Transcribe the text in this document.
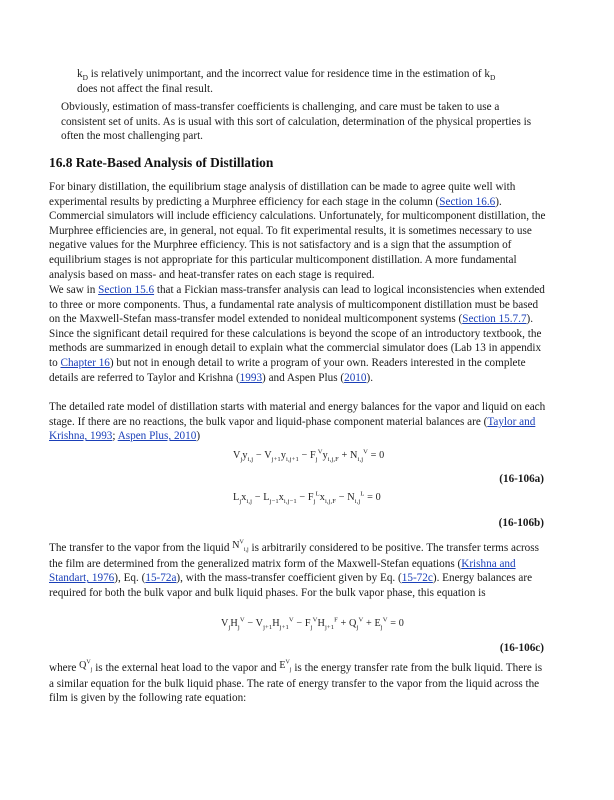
$k_D$ is relatively unimportant, and the incorrect value for residence time in the estimation of $k_D$
does not affect the final result.

Obviously, estimation of mass-transfer coefficients is challenging, and care must be taken to use a consistent set of units. As is usual with this sort of calculation, determination of the physical properties is often the most challenging part.

16.8 Rate-Based Analysis of Distillation

For binary distillation, the equilibrium stage analysis of distillation can be made to agree quite well with experimental results by predicting a Murphree efficiency for each stage in the column (Section 16.6). Commercial simulators will include efficiency calculations. Unfortunately, for multicomponent distillation, the Murphree efficiencies are, in general, not equal. To fit experimental results, it is sometimes necessary to use negative values for the Murphree efficiency. This is not satisfactory and is a sign that the assumption of equilibrium stages is not appropriate for this particular multicomponent distillation. A more fundamental analysis based on mass- and heat-transfer rates on each stage is required.

We saw in Section 15.6 that a Fickian mass-transfer analysis can lead to logical inconsistencies when extended to three or more components. Thus, a fundamental rate analysis of multicomponent distillation must be based on the Maxwell-Stefan mass-transfer model extended to nonideal multicomponent systems (Section 15.7.7). Since the significant detail required for these calculations is beyond the scope of an introductory textbook, the methods are summarized in enough detail to explain what the commercial simulator does (Lab 13 in appendix to Chapter 16) but not in enough detail to write a program of your own. Readers interested in the complete details are referred to Taylor and Krishna (1993) and Aspen Plus (2010).

The detailed rate model of distillation starts with material and energy balances for the vapor and liquid on each stage. If there are no reactions, the bulk vapor and liquid-phase component material balances are (Taylor and Krishna, 1993; Aspen Plus, 2010)

$V_jy_{i,j} - V_{j+1}y_{i,j+1} - F_j^Vy_{i,j,F} + N_{i,j}^V = 0$
(16-106a)
$L_jx_{i,j} - L_{j-1}x_{i,j-1} - F_j^Lx_{i,j,F} - N_{i,j}^L = 0$
(16-106b)

The transfer to the vapor from the liquid $N^V_{i,j}$ is arbitrarily considered to be positive. The transfer terms across the film are determined from the generalized matrix form of the Maxwell-Stefan equations (Krishna and Standart, 1976), Eq. (15-72a), with the mass-transfer coefficient given by Eq. (15-72c). Energy balances are required for both the bulk vapor and bulk liquid phases. For the bulk vapor phase, this equation is

$V_jH_j^V - V_{j+1}H_{j+1}^V - F_j^VH_{j+1}^F + Q_j^V + E_j^V = 0$
(16-106c)

where $Q^V_j$ is the external heat load to the vapor and $E^V_j$ is the energy transfer rate from the bulk liquid. There is a similar equation for the bulk liquid phase. The rate of energy transfer to the vapor from the liquid across the film is given by the following rate equation:
